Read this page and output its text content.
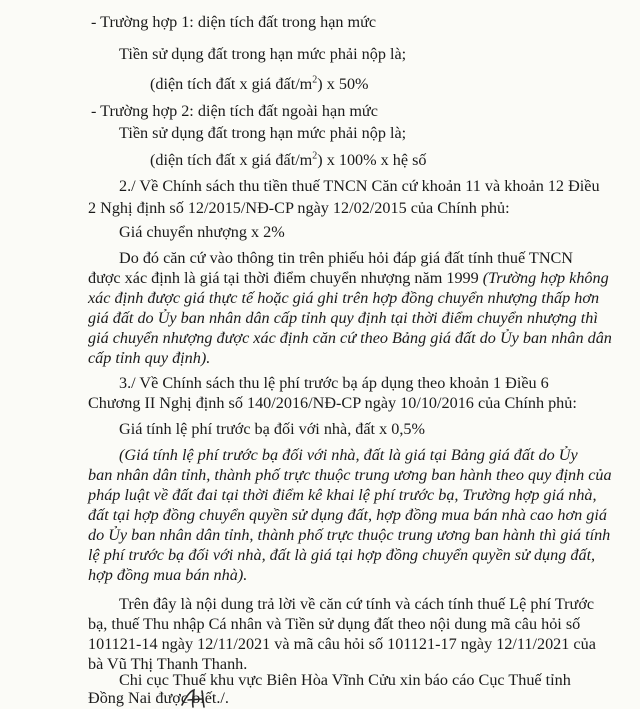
- Trường hợp 1: diện tích đất trong hạn mức
Tiền sử dụng đất trong hạn mức phải nộp là;
(diện tích đất x giá đất/$m^2$) x 50%
- Trường hợp 2: diện tích đất ngoài hạn mức
Tiền sử dụng đất trong hạn mức phải nộp là;
(diện tích đất x giá đất/$m^2$) x 100% x hệ số
2./ Về Chính sách thu tiền thuế TNCN Căn cứ khoản 11 và khoản 12 Điều
2 Nghị định số 12/2015/NĐ-CP ngày 12/02/2015 của Chính phủ:
Giá chuyển nhượng x 2%
Do đó căn cứ vào thông tin trên phiếu hỏi đáp giá đất tính thuế TNCN
được xác định là giá tại thời điểm chuyển nhượng năm 1999 (Trường hợp không
xác định được giá thực tế hoặc giá ghi trên hợp đồng chuyển nhượng thấp hơn
giá đất do Ủy ban nhân dân cấp tỉnh quy định tại thời điểm chuyển nhượng thì
giá chuyển nhượng được xác định căn cứ theo Bảng giá đất do Ủy ban nhân dân
cấp tỉnh quy định).
3./ Về Chính sách thu lệ phí trước bạ áp dụng theo khoản 1 Điều 6
Chương II Nghị định số 140/2016/NĐ-CP ngày 10/10/2016 của Chính phủ:
Giá tính lệ phí trước bạ đối với nhà, đất x 0,5%
(Giá tính lệ phí trước bạ đối với nhà, đất là giá tại Bảng giá đất do Ủy
ban nhân dân tỉnh, thành phố trực thuộc trung ương ban hành theo quy định của
pháp luật về đất đai tại thời điểm kê khai lệ phí trước bạ, Trường hợp giá nhà,
đất tại hợp đồng chuyển quyền sử dụng đất, hợp đồng mua bán nhà cao hơn giá
do Ủy ban nhân dân tỉnh, thành phố trực thuộc trung ương ban hành thì giá tính
lệ phí trước bạ đối với nhà, đất là giá tại hợp đồng chuyển quyền sử dụng đất,
hợp đồng mua bán nhà).
Trên đây là nội dung trả lời về căn cứ tính và cách tính thuế Lệ phí Trước
bạ, thuế Thu nhập Cá nhân và Tiền sử dụng đất theo nội dung mã câu hỏi số
101121-14 ngày 12/11/2021 và mã câu hỏi số 101121-17 ngày 12/11/2021 của
bà Vũ Thị Thanh Thanh.
Chi cục Thuế khu vực Biên Hòa Vĩnh Cửu xin báo cáo Cục Thuế tỉnh
Đồng Nai được biết./.
